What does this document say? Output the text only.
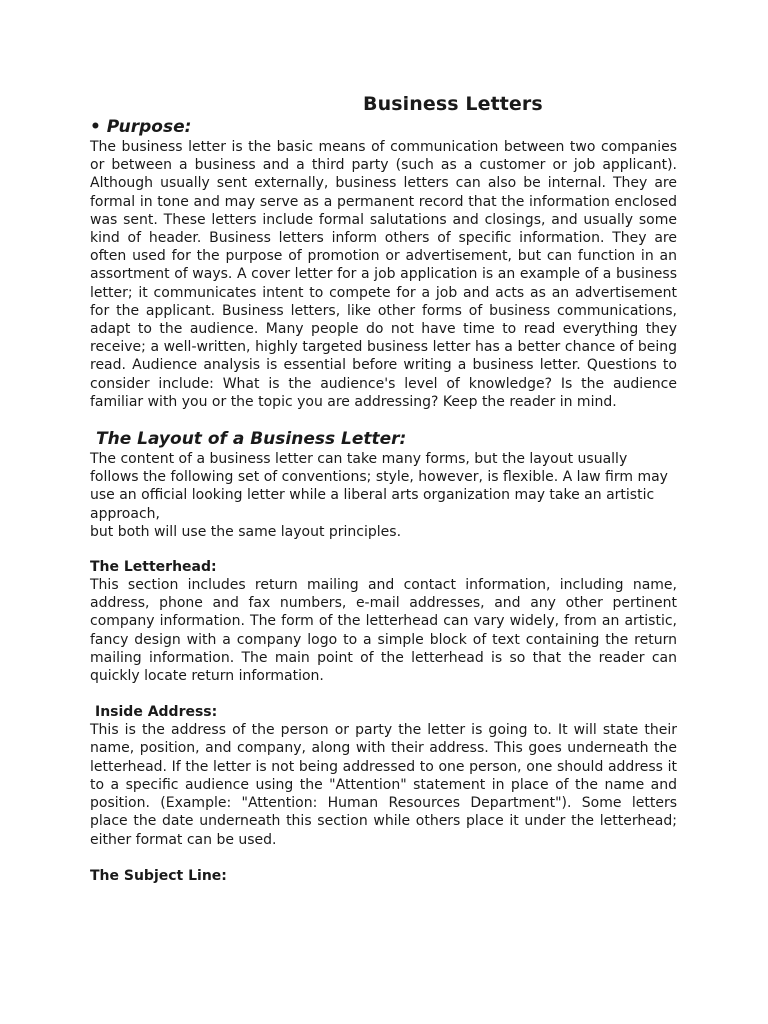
Business Letters
• Purpose:

The business letter is the basic means of communication between two companies or between a business and a third party (such as a customer or job applicant). Although usually sent externally, business letters can also be internal. They are formal in tone and may serve as a permanent record that the information enclosed was sent. These letters include formal salutations and closings, and usually some kind of header. Business letters inform others of specific information. They are often used for the purpose of promotion or advertisement, but can function in an assortment of ways. A cover letter for a job application is an example of a business letter; it communicates intent to compete for a job and acts as an advertisement for the applicant. Business letters, like other forms of business communications, adapt to the audience. Many people do not have time to read everything they receive; a well-written, highly targeted business letter has a better chance of being read. Audience analysis is essential before writing a business letter. Questions to consider include: What is the audience's level of knowledge? Is the audience familiar with you or the topic you are addressing? Keep the reader in mind.

The Layout of a Business Letter:

The content of a business letter can take many forms, but the layout usually follows the following set of conventions; style, however, is flexible. A law firm may use an official looking letter while a liberal arts organization may take an artistic approach,
but both will use the same layout principles.

The Letterhead:

This section includes return mailing and contact information, including name, address, phone and fax numbers, e-mail addresses, and any other pertinent company information. The form of the letterhead can vary widely, from an artistic, fancy design with a company logo to a simple block of text containing the return mailing information. The main point of the letterhead is so that the reader can quickly locate return information.

Inside Address:

This is the address of the person or party the letter is going to. It will state their name, position, and company, along with their address. This goes underneath the letterhead. If the letter is not being addressed to one person, one should address it to a specific audience using the "Attention" statement in place of the name and position. (Example: "Attention: Human Resources Department"). Some letters place the date underneath this section while others place it under the letterhead; either format can be used.

The Subject Line:
